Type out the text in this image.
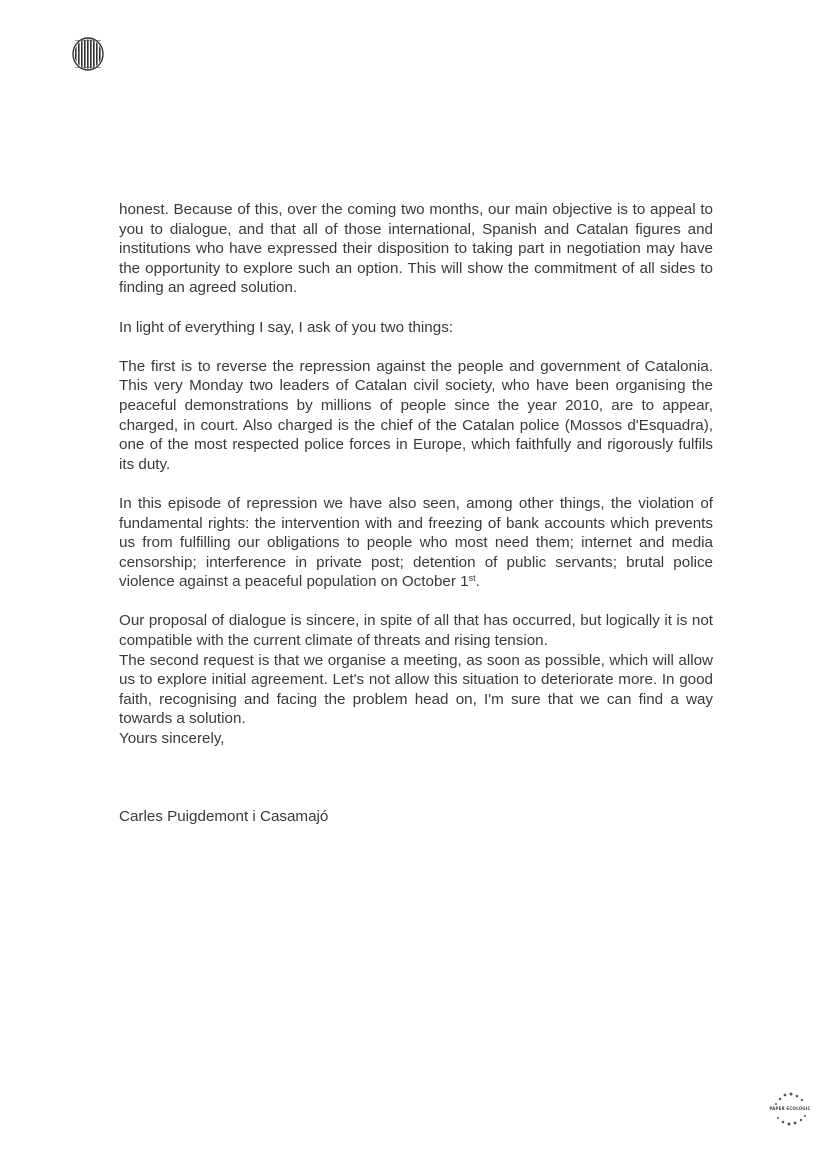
honest. Because of this, over the coming two months, our main objective is to appeal to you to dialogue, and that all of those international, Spanish and Catalan figures and institutions who have expressed their disposition to taking part in negotiation may have the opportunity to explore such an option. This will show the commitment of all sides to finding an agreed solution.

In light of everything I say, I ask of you two things:

The first is to reverse the repression against the people and government of Catalonia. This very Monday two leaders of Catalan civil society, who have been organising the peaceful demonstrations by millions of people since the year 2010, are to appear, charged, in court. Also charged is the chief of the Catalan police (Mossos d'Esquadra), one of the most respected police forces in Europe, which faithfully and rigorously fulfils its duty.

In this episode of repression we have also seen, among other things, the violation of fundamental rights: the intervention with and freezing of bank accounts which prevents us from fulfilling our obligations to people who most need them; internet and media censorship; interference in private post; detention of public servants; brutal police violence against a peaceful population on October 1st.

Our proposal of dialogue is sincere, in spite of all that has occurred, but logically it is not compatible with the current climate of threats and rising tension.

The second request is that we organise a meeting, as soon as possible, which will allow us to explore initial agreement. Let's not allow this situation to deteriorate more. In good faith, recognising and facing the problem head on, I'm sure that we can find a way towards a solution.

Yours sincerely,

Carles Puigdemont i Casamajó

PAPER ECOLÒGIC
